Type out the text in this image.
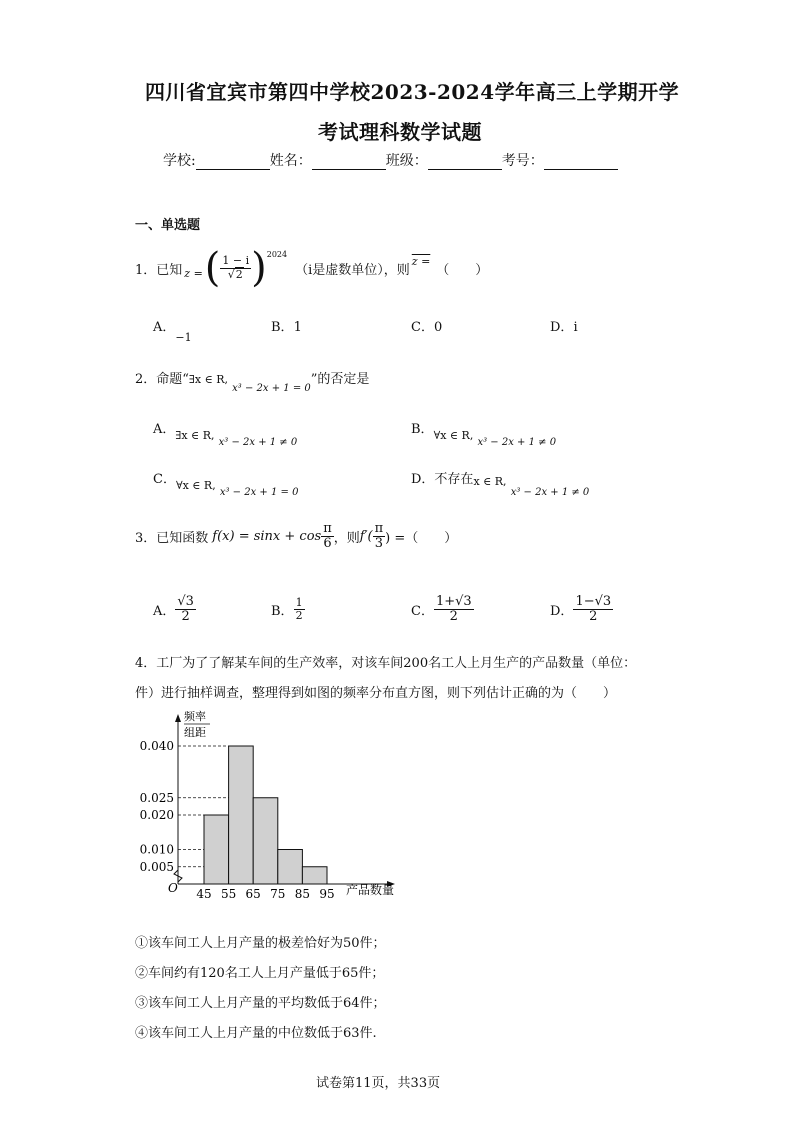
四川省宜宾市第四中学校2023-2024学年高三上学期开学
考试理科数学试题
学校:	姓名：	班级：	考号：
一、单选题
1．已知 z = ( $\frac{1 - i}{√2}$ ) 2024
（i是虚数单位），则
z =
（　　）
A．$_{-1}$
B．1	C．0	D．i
2．命题“∃x ∈ R, $_{x^3 - 2x + 1 = 0}$”的否定是
A．$_{\exists x \in R,}$ $_{x^3 - 2x + 1 \ne 0}$
B．$_{\forall x \in R,}$ $_{x^3 - 2x + 1 \ne 0}$
C．$_{\forall x \in R,}$ $_{x^3 - 2x + 1 = 0}$
D．不存在x ∈ R, $_{x^3 - 2x + 1 \ne 0}$
3．已知函数 $f(x) = \sin x + \cos \frac{\pi}{6}$ ，则 $f'( \frac{\pi}{3}$ ) =（　　）
A． $\frac{√3}{2}$	B． $\frac{1}{2}$	C． $\frac{1+√3}{2}$	D． $\frac{1-√3}{2}$
4．工厂为了了解某车间的生产效率，对该车间200名工人上月生产的产品数量（单位：
件）进行抽样调查，整理得到如图的频率分布直方图，则下列估计正确的为（　　）
频率
组距
O	产品数量
0.040
0.025
0.020
0.010
0.005
45 55 65 75 85 95
①该车间工人上月产量的极差恰好为50件；
②车间约有120名工人上月产量低于65件；
③该车间工人上月产量的平均数低于64件；
④该车间工人上月产量的中位数低于63件.
试卷第11页，共33页
